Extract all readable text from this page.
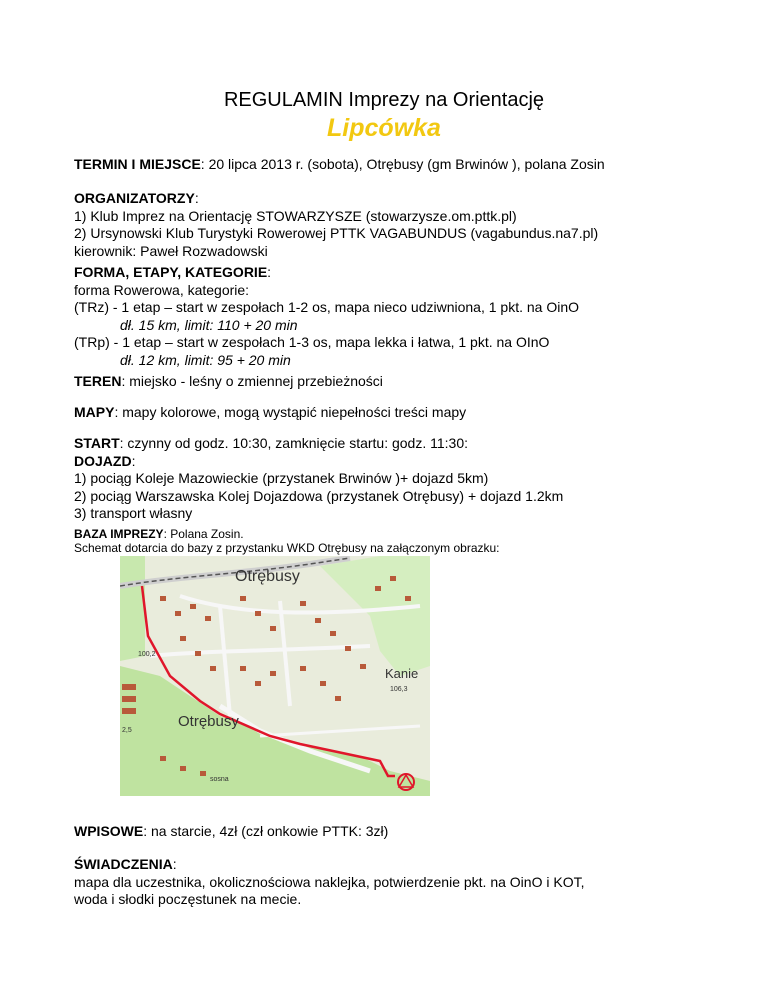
REGULAMIN Imprezy na Orientację
Lipcówka
TERMIN I MIEJSCE: 20 lipca 2013 r. (sobota), Otrębusy (gm Brwinów ), polana Zosin
ORGANIZATORZY:
1) Klub Imprez na Orientację STOWARZYSZE (stowarzysze.om.pttk.pl)
2) Ursynowski Klub Turystyki Rowerowej PTTK VAGABUNDUS (vagabundus.na7.pl)
kierownik: Paweł Rozwadowski
FORMA, ETAPY, KATEGORIE:
forma Rowerowa, kategorie:
(TRz) - 1 etap – start w zespołach 1-2 os, mapa nieco udziwniona, 1 pkt. na OinO
dł. 15 km, limit: 110 + 20 min
(TRp) - 1 etap – start w zespołach 1-3 os, mapa lekka i łatwa, 1 pkt. na OInO
dł. 12 km, limit: 95 + 20 min
TEREN: miejsko - leśny o zmiennej przebieżności
MAPY: mapy kolorowe, mogą wystąpić niepełności treści mapy
START: czynny od godz. 10:30, zamknięcie startu: godz. 11:30:
DOJAZD:
1) pociąg Koleje Mazowieckie (przystanek Brwinów )+ dojazd 5km)
2) pociąg Warszawska Kolej Dojazdowa (przystanek Otrębusy) + dojazd 1.2km
3) transport własny
BAZA IMPREZY: Polana Zosin.
Schemat dotarcia do bazy z przystanku WKD Otrębusy na załączonym obrazku:
Otrębusy
Otrębusy
Kanie
106,3
100,2
2,5
sosna
WPISOWE: na starcie, 4zł (czł onkowie PTTK: 3zł)
ŚWIADCZENIA:
mapa dla uczestnika, okolicznościowa naklejka, potwierdzenie pkt. na OinO i KOT,
woda i słodki poczęstunek na mecie.
